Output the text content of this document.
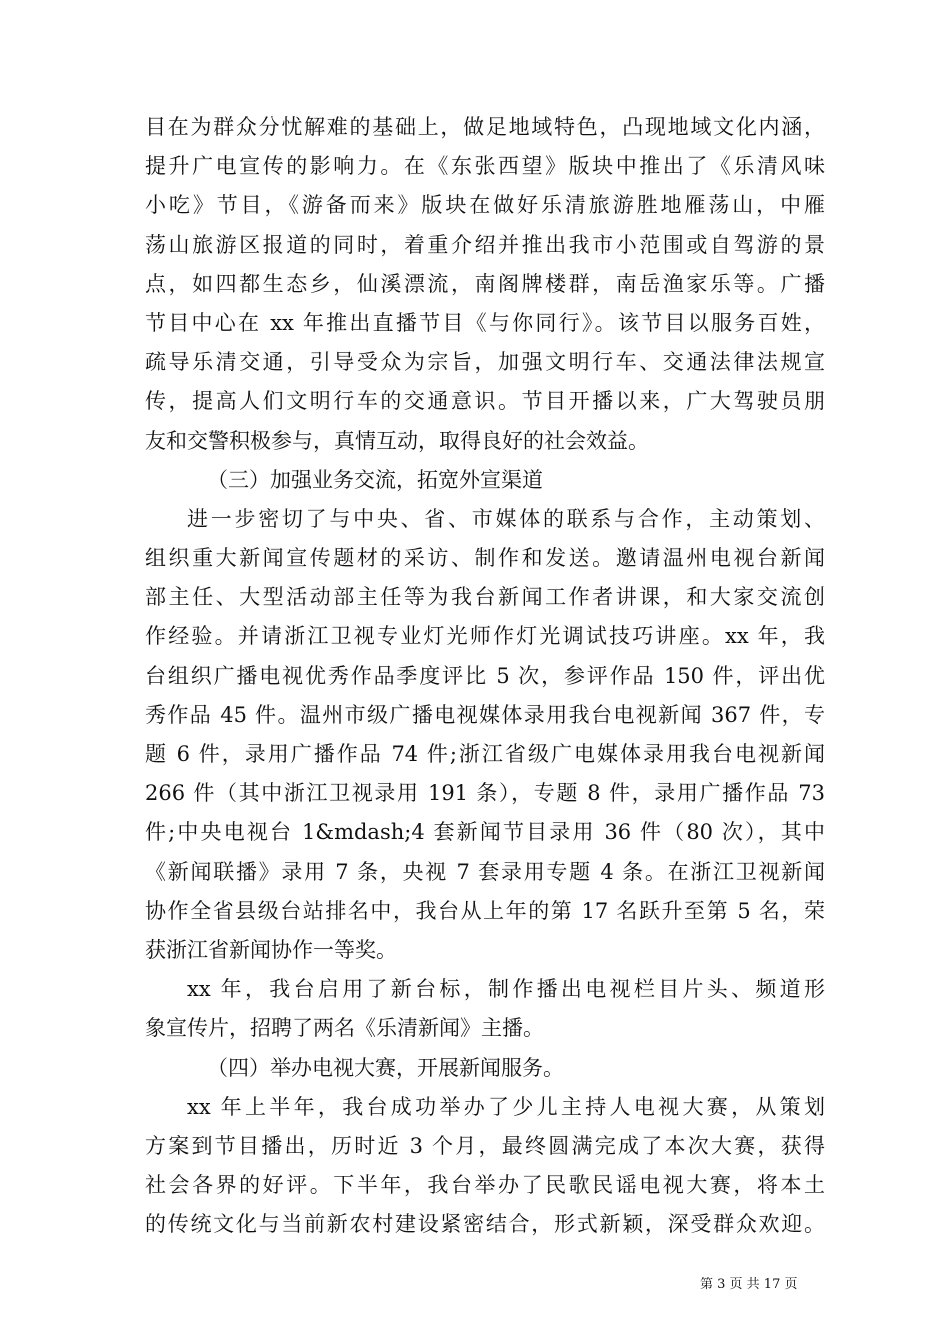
目在为群众分忧解难的基础上，做足地域特色，凸现地域文化内涵，
提升广电宣传的影响力。在《东张西望》版块中推出了《乐清风味
小吃》节目，《游备而来》版块在做好乐清旅游胜地雁荡山，中雁
荡山旅游区报道的同时，着重介绍并推出我市小范围或自驾游的景
点，如四都生态乡，仙溪漂流，南阁牌楼群，南岳渔家乐等。广播
节目中心在 xx 年推出直播节目《与你同行》。该节目以服务百姓，
疏导乐清交通，引导受众为宗旨，加强文明行车、交通法律法规宣
传，提高人们文明行车的交通意识。节目开播以来，广大驾驶员朋
友和交警积极参与，真情互动，取得良好的社会效益。
（三）加强业务交流，拓宽外宣渠道
进一步密切了与中央、省、市媒体的联系与合作，主动策划、
组织重大新闻宣传题材的采访、制作和发送。邀请温州电视台新闻
部主任、大型活动部主任等为我台新闻工作者讲课，和大家交流创
作经验。并请浙江卫视专业灯光师作灯光调试技巧讲座。xx 年，我
台组织广播电视优秀作品季度评比 5 次，参评作品 150 件，评出优
秀作品 45 件。温州市级广播电视媒体录用我台电视新闻 367 件，专
题 6 件，录用广播作品 74 件;浙江省级广电媒体录用我台电视新闻
266 件（其中浙江卫视录用 191 条），专题 8 件，录用广播作品 73
件;中央电视台 1&mdash;4 套新闻节目录用 36 件（80 次），其中
《新闻联播》录用 7 条，央视 7 套录用专题 4 条。在浙江卫视新闻
协作全省县级台站排名中，我台从上年的第 17 名跃升至第 5 名，荣
获浙江省新闻协作一等奖。
xx 年，我台启用了新台标，制作播出电视栏目片头、频道形
象宣传片，招聘了两名《乐清新闻》主播。
（四）举办电视大赛，开展新闻服务。
xx 年上半年，我台成功举办了少儿主持人电视大赛，从策划
方案到节目播出，历时近 3 个月，最终圆满完成了本次大赛，获得
社会各界的好评。下半年，我台举办了民歌民谣电视大赛，将本土
的传统文化与当前新农村建设紧密结合，形式新颖，深受群众欢迎。
第 3 页 共 17 页
